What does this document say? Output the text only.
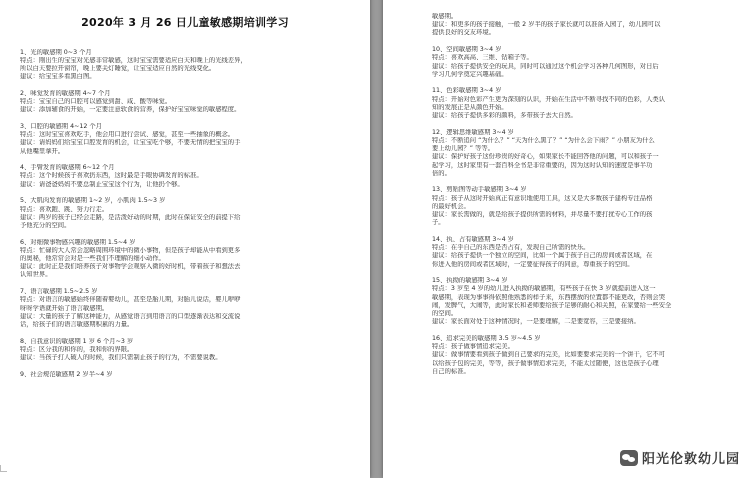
2020年 3 月 26 日儿童敏感期培训学习
1、光的敏感期 0~3 个月
特点：刚出生的宝宝对光感非常敏感，这时宝宝需要适应白天和晚上的光线差异，
所以白天要拉开窗帘，晚上要关灯睡觉，让宝宝适应自然的光线变化。
建议：给宝宝多看黑白图。
2、味觉发育的敏感期 4~7 个月
特点：宝宝自己的口腔可以感觉到甜、咸、酸等味觉。
建议：添加辅食的开始，一定要注意软食的营养，保护好宝宝味觉的敏感程度。
3、口腔的敏感期 4~12 个月
特点：这时宝宝喜欢吃手，他会用口进行尝试、感觉，甚至一些抽象的概念。
建议：请妈妈们给宝宝口腔发育的机会，让宝宝吃个够，不要无情的把宝宝的手
从他嘴里拿开。
4、手臂发育的敏感期 6~12 个月
特点：这个时候孩子喜欢扔东西，这时最是手眼协调发育的标准。
建议：请爸爸妈妈不要总制止宝宝这个行为，让他扔个够。
5、大肌肉发育的敏感期 1~2 岁，小肌肉 1.5~3 岁
特点：喜欢跑、跳、努力行走。
建议：两岁的孩子已经会走路，是活泼好动的时期，此时在保证安全的前提下给
予他充分的空间。
6、对细微事物感兴趣的敏感期 1.5~4 岁
特点：忙碌的大人常会忽略周围环境中的微小事物，但是孩子却能从中看到更多
的奥秘，他常常会对是一些我们不理解的细小动作。
建议：此时正是我们培养孩子对事物学会观察入微的好时机，带着孩子和想法去
认知世界。
7、语言敏感期 1.5~2.5 岁
特点：对语言的敏感始终伴随着婴幼儿，甚至是胎儿期，对胎儿说话，婴儿咿咿
呀呀学语就开始了语言敏感期。
建议：大量的孩子了解这种能力，从感觉语言到用语言的口型逐渐表达和交流说
话，给孩子们的语言敏感期积累的力量。
8、自我意识的敏感期 1 岁 6 个月~3 岁
特点：区分我的和你的，我和你的界限。
建议：当孩子打人破人的时候，我们只需制止孩子的行为，不需要说教。
9、社会规范敏感期 2 岁半~4 岁
敏感期。
建议：和更多的孩子接触，一般 2 岁半的孩子家长就可以准备入园了，幼儿园可以
提供良好的交友环境。
10、空间敏感期 3~4 岁
特点：喜欢高高、三维、钻箱子等。
建议：给孩子提供安全的玩具，同时可以通过这个机会学习各种几何图形，对日后
学习几何学奠定兴趣基础。
11、色彩敏感期 3~4 岁
特点：开始对色彩产生更为深刻的认识，开始在生活中不断寻找不同的色彩，人类认
知的发展正是从颜色开始。
建议：给孩子提供多彩的颜料，多带孩子去大自然。
12、逻辑思维敏感期 3~4 岁
特点：不断追问 “为什么？” “天为什么黑了？” “为什么会下雨？” 小朋友为什么
要上幼儿园？” 等等。
建议：保护好孩子这份珍贵的好奇心，如果家长不能回答他的问题，可以和孩子一
起学习，这时家里有一套百科全书是非常重要的，因为这时认知的速度是事半功
倍的。
13、剪贴图等动手敏感期 3~4 岁
特点：孩子从这时开始真正有意识地使用工具，这又是大多数孩子建构专注品格
的最好机会。
建议：家长需做的，就是给孩子提供所需的材料，并尽量不要打扰专心工作的孩
子。
14、执、占有敏感期 3~4 岁
特点：在乎自己的东西是否占有，发现自己所需的快乐。
建议：给孩子提供一个独立的空间，比如一个属于孩子自己的房间或者区域，在
你进入他的房间或者区域时，一定要征得孩子的同意，尊重孩子的空间。
15、执拗的敏感期 3~4 岁
特点：3 岁至 4 岁的幼儿进入执拗的敏感期，有些孩子在快 3 岁就提前进入这一
敏感期，表现为事事得依照他熟悉的样子来，东西摆放的位置都不能更改，否则会哭
闹，发脾气，大闹等，此时家长和老师要给孩子足够的耐心和关照，在家要给一些安全
的空间。
建议：家长面对处于这种情况时，一是要理解，二是要宽容，三是要接纳。
16、追求完美的敏感期 3.5 岁~4.5 岁
特点：孩子做事情追求完美。
建议：做事情要看到孩子做到自己要求的完美，比如要要求完美的一个饼干，它不可
以给孩子包的完美，等等，孩子做事情追求完美，不能太过随便，这也是孩子心理
自己的标准。
阳光伦敦幼儿园
